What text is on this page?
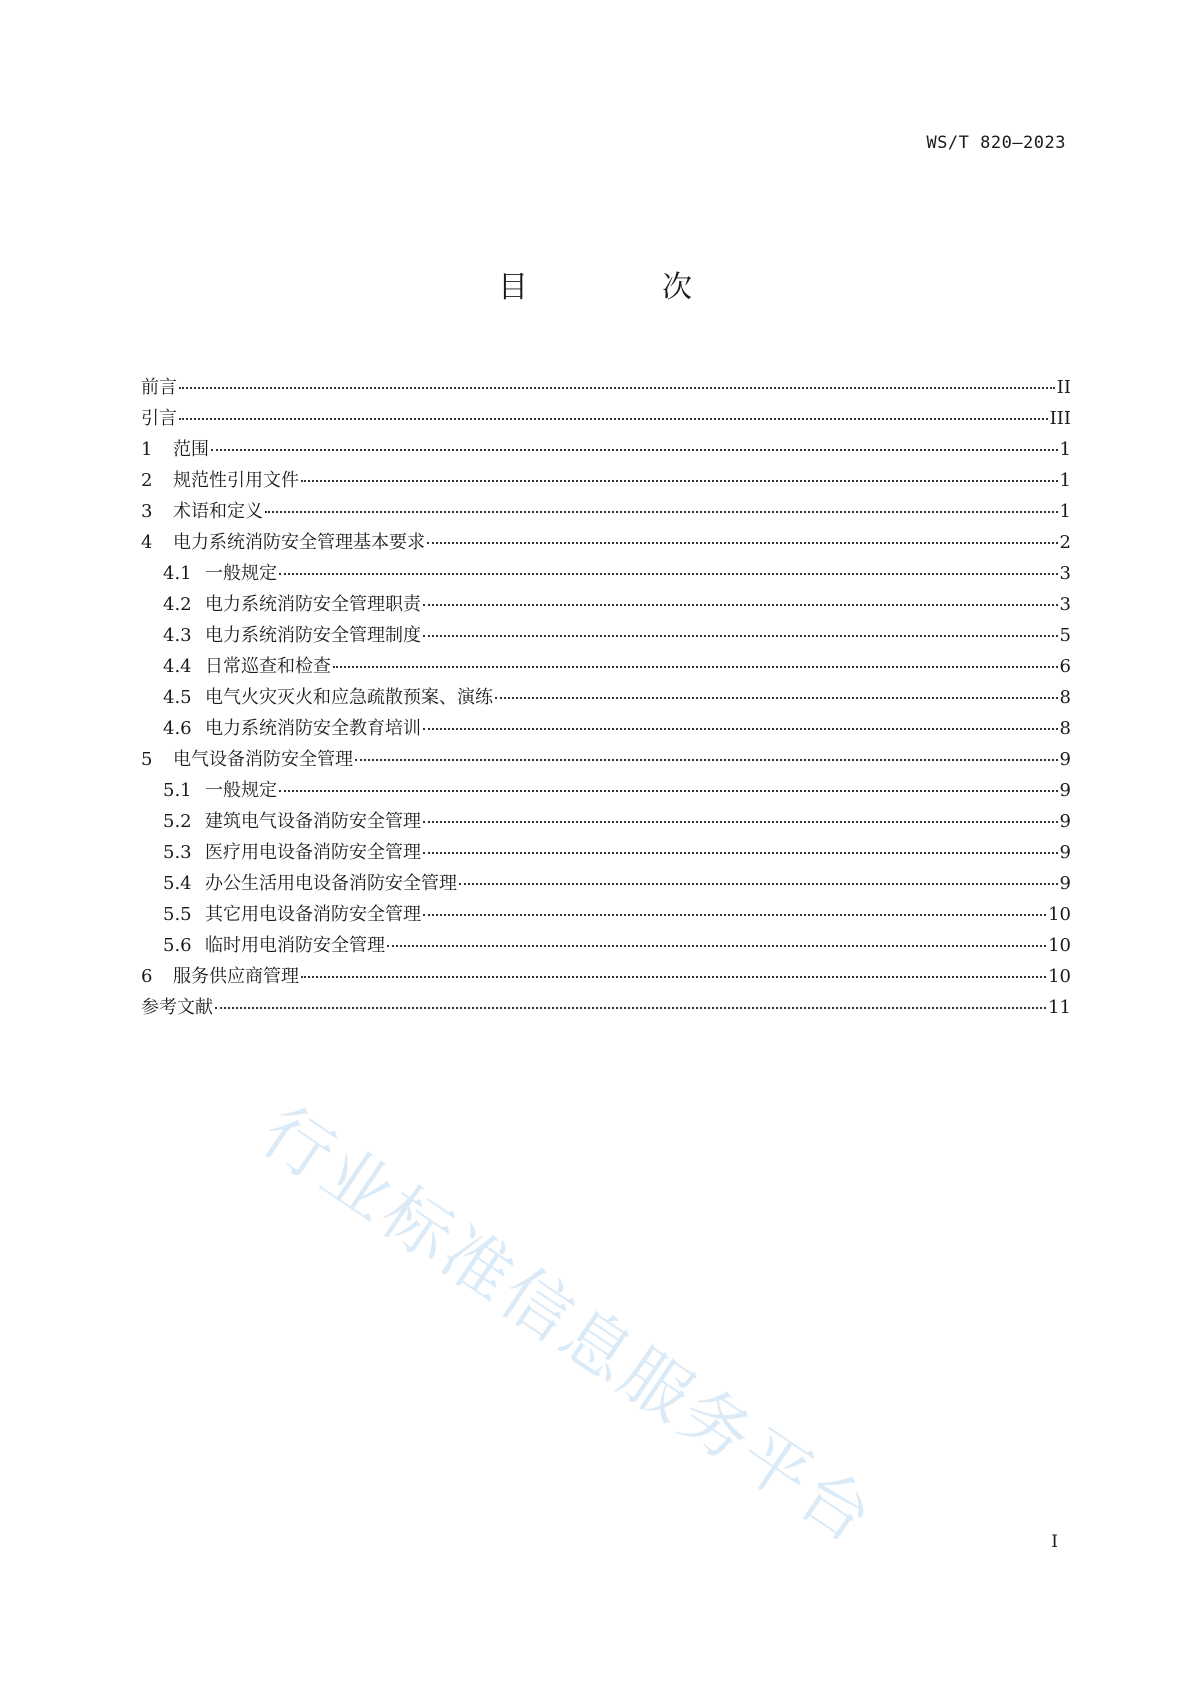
WS/T 820—2023
目　次
前言	II
引言	III
1	范围	1
2	规范性引用文件	1
3	术语和定义	1
4	电力系统消防安全管理基本要求	2
4.1 一般规定	3
4.2 电力系统消防安全管理职责	3
4.3 电力系统消防安全管理制度	5
4.4 日常巡查和检查	6
4.5 电气火灾灭火和应急疏散预案、演练	8
4.6 电力系统消防安全教育培训	8
5	电气设备消防安全管理	9
5.1 一般规定	9
5.2 建筑电气设备消防安全管理	9
5.3 医疗用电设备消防安全管理	9
5.4 办公生活用电设备消防安全管理	9
5.5 其它用电设备消防安全管理	10
5.6 临时用电消防安全管理	10
6	服务供应商管理	10
参考文献	11
行业标准信息服务平台	I
